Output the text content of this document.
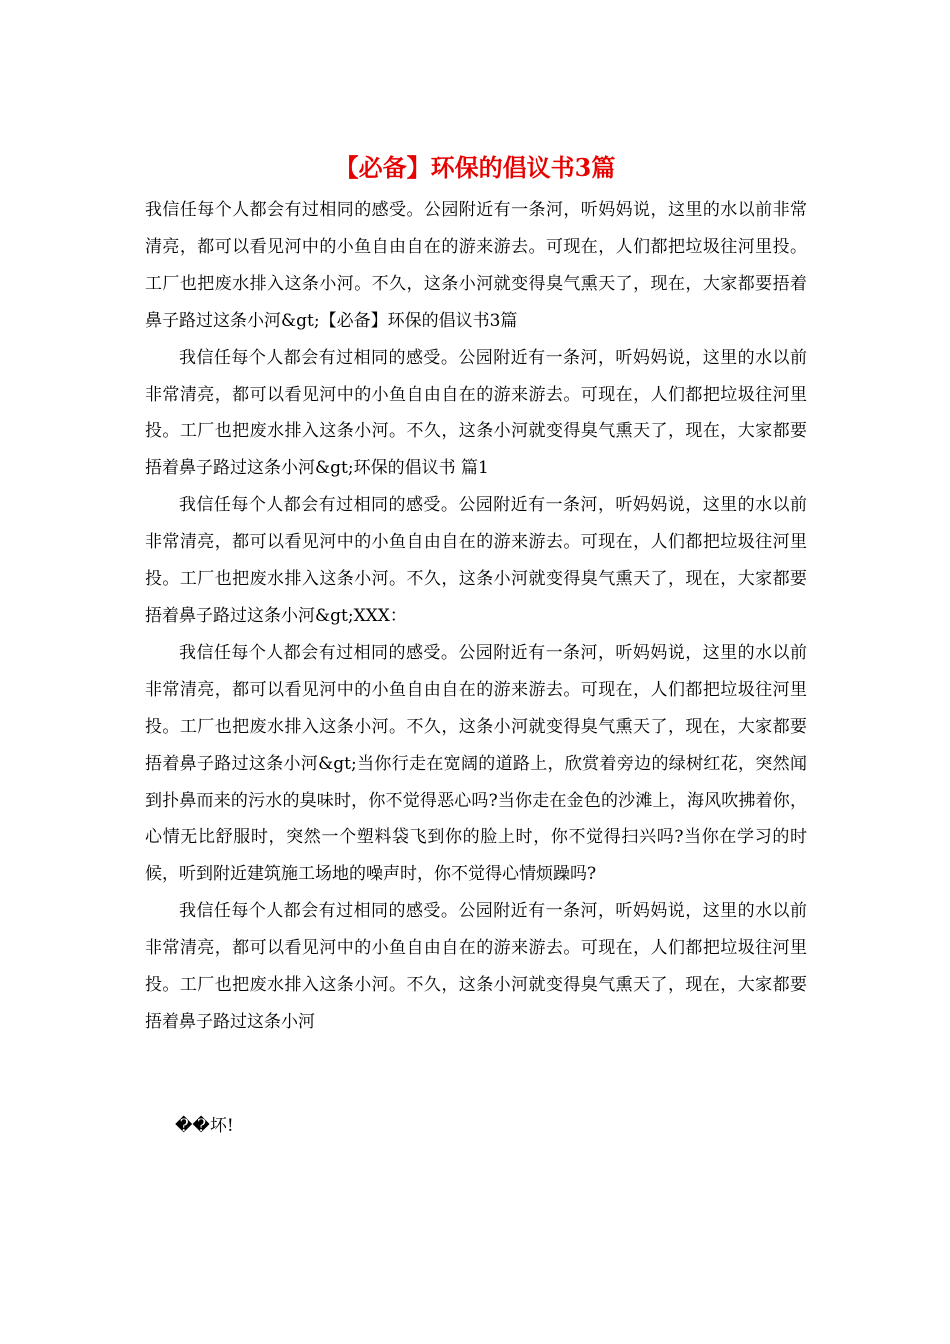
【必备】环保的倡议书3篇

我信任每个人都会有过相同的感受。公园附近有一条河，听妈妈说，这里的水以前非常清亮，都可以看见河中的小鱼自由自在的游来游去。可现在，人们都把垃圾往河里投。工厂也把废水排入这条小河。不久，这条小河就变得臭气熏天了，现在，大家都要捂着鼻子路过这条小河&gt;【必备】环保的倡议书3篇

我信任每个人都会有过相同的感受。公园附近有一条河，听妈妈说，这里的水以前非常清亮，都可以看见河中的小鱼自由自在的游来游去。可现在，人们都把垃圾往河里投。工厂也把废水排入这条小河。不久，这条小河就变得臭气熏天了，现在，大家都要捂着鼻子路过这条小河&gt;环保的倡议书 篇1

我信任每个人都会有过相同的感受。公园附近有一条河，听妈妈说，这里的水以前非常清亮，都可以看见河中的小鱼自由自在的游来游去。可现在，人们都把垃圾往河里投。工厂也把废水排入这条小河。不久，这条小河就变得臭气熏天了，现在，大家都要捂着鼻子路过这条小河&gt;XXX：

我信任每个人都会有过相同的感受。公园附近有一条河，听妈妈说，这里的水以前非常清亮，都可以看见河中的小鱼自由自在的游来游去。可现在，人们都把垃圾往河里投。工厂也把废水排入这条小河。不久，这条小河就变得臭气熏天了，现在，大家都要捂着鼻子路过这条小河&gt;当你行走在宽阔的道路上，欣赏着旁边的绿树红花，突然闻到扑鼻而来的污水的臭味时，你不觉得恶心吗?当你走在金色的沙滩上，海风吹拂着你，心情无比舒服时，突然一个塑料袋飞到你的脸上时，你不觉得扫兴吗?当你在学习的时候，听到附近建筑施工场地的噪声时，你不觉得心情烦躁吗?

我信任每个人都会有过相同的感受。公园附近有一条河，听妈妈说，这里的水以前非常清亮，都可以看见河中的小鱼自由自在的游来游去。可现在，人们都把垃圾往河里投。工厂也把废水排入这条小河。不久，这条小河就变得臭气熏天了，现在，大家都要捂着鼻子路过这条小河

��坏!
